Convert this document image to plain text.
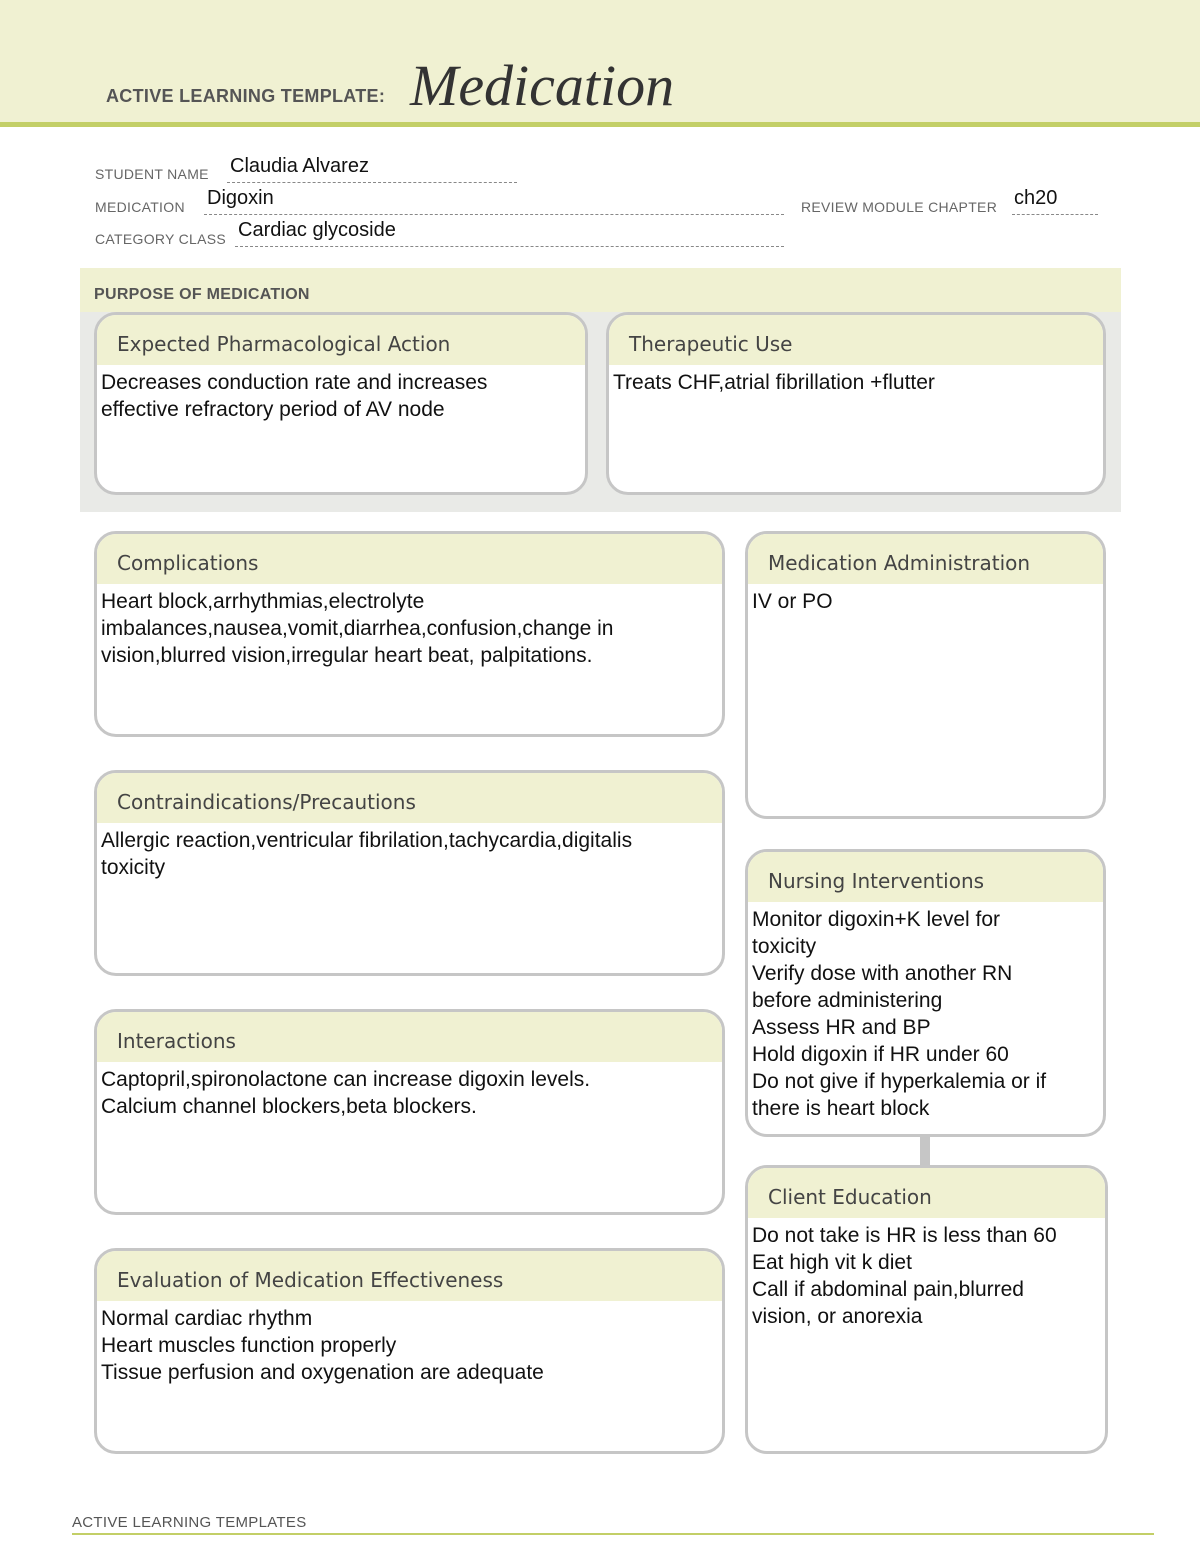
ACTIVE LEARNING TEMPLATE: Medication
STUDENT NAME Claudia Alvarez
MEDICATION Digoxin	REVIEW MODULE CHAPTER ch20
CATEGORY CLASS Cardiac glycoside
PURPOSE OF MEDICATION
Expected Pharmacological Action
Decreases conduction rate and increases
effective refractory period of AV node
Therapeutic Use
Treats CHF,atrial fibrillation +flutter
Complications
Heart block,arrhythmias,electrolyte
imbalances,nausea,vomit,diarrhea,confusion,change in
vision,blurred vision,irregular heart beat, palpitations.
Contraindications/Precautions
Allergic reaction,ventricular fibrilation,tachycardia,digitalis
toxicity
Interactions
Captopril,spironolactone can increase digoxin levels.
Calcium channel blockers,beta blockers.
Evaluation of Medication Effectiveness
Normal cardiac rhythm
Heart muscles function properly
Tissue perfusion and oxygenation are adequate
Medication Administration
IV or PO
Nursing Interventions
Monitor digoxin+K level for
toxicity
Verify dose with another RN
before administering
Assess HR and BP
Hold digoxin if HR under 60
Do not give if hyperkalemia or if
there is heart block
Client Education
Do not take is HR is less than 60
Eat high vit k diet
Call if abdominal pain,blurred
vision, or anorexia
ACTIVE LEARNING TEMPLATES
